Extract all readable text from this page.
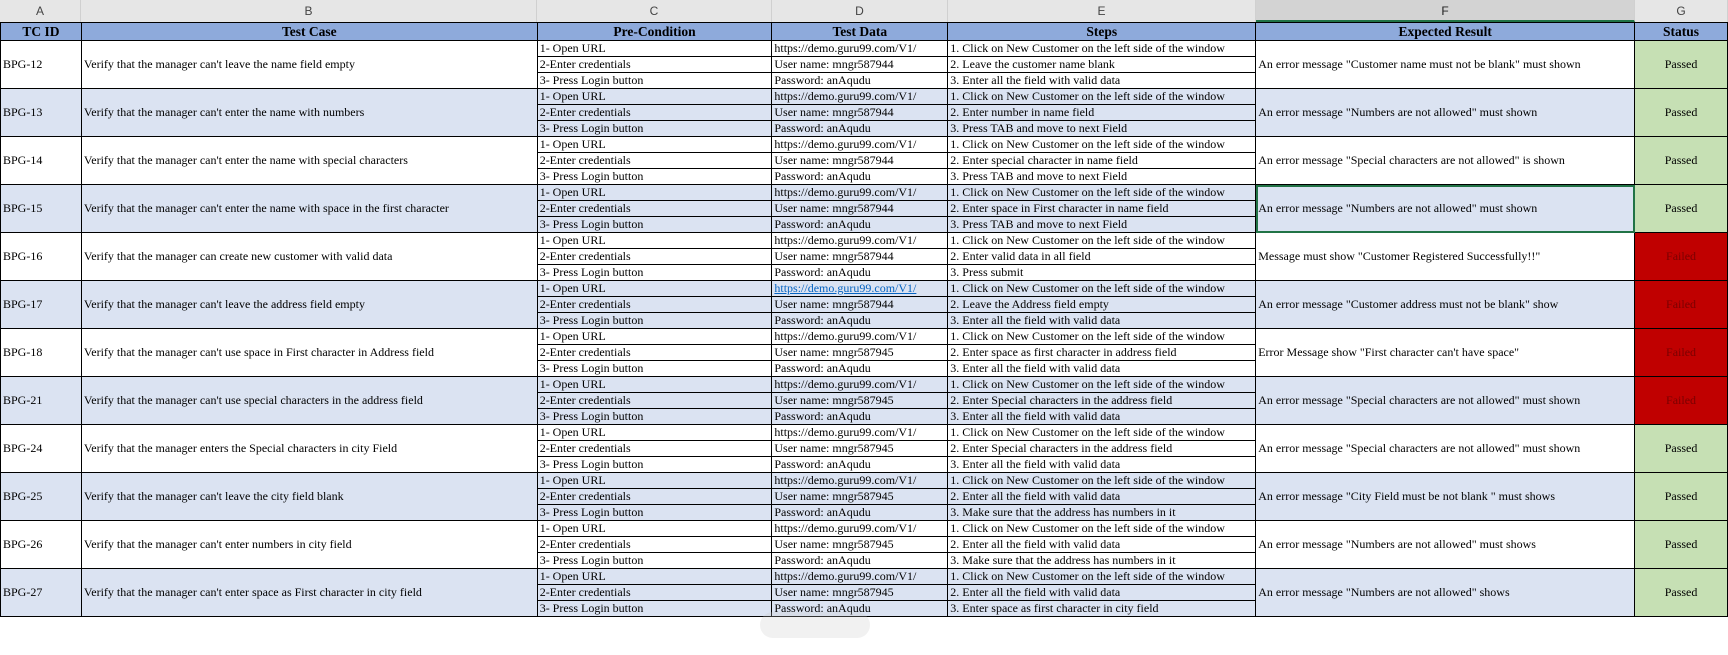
A	B	C	D	E	F	G
TC ID	Test Case	Pre-Condition	Test Data	Steps	Expected Result	Status
BPG-12	Verify that the manager can't leave the name field empty	1- Open URL	https://demo.guru99.com/V1/	1. Click on New Customer on the left side of the window	An error message "Customer name must not be blank" must shown	Passed
		2-Enter credentials	User name: mngr587944	2. Leave the customer name blank		
		3- Press Login button	Password: anAqudu	3. Enter all the field with valid data		
BPG-13	Verify that the manager can't enter the name with numbers	1- Open URL	https://demo.guru99.com/V1/	1. Click on New Customer on the left side of the window	An error message "Numbers are not allowed" must shown	Passed
		2-Enter credentials	User name: mngr587944	2. Enter number in name field		
		3- Press Login button	Password: anAqudu	3. Press TAB and move to next Field		
BPG-14	Verify that the manager can't enter the name with special characters	1- Open URL	https://demo.guru99.com/V1/	1. Click on New Customer on the left side of the window	An error message "Special characters are not allowed" is shown	Passed
		2-Enter credentials	User name: mngr587944	2. Enter special character in name field		
		3- Press Login button	Password: anAqudu	3. Press TAB and move to next Field		
BPG-15	Verify that the manager can't enter the name with space in the first character	1- Open URL	https://demo.guru99.com/V1/	1. Click on New Customer on the left side of the window	An error message "Numbers are not allowed" must shown	Passed
		2-Enter credentials	User name: mngr587944	2. Enter space in First character in name field		
		3- Press Login button	Password: anAqudu	3. Press TAB and move to next Field		
BPG-16	Verify that the manager can create new customer with valid data	1- Open URL	https://demo.guru99.com/V1/	1. Click on New Customer on the left side of the window	Message must show "Customer Registered Successfully!!"	Failed
		2-Enter credentials	User name: mngr587944	2. Enter valid data in all field		
		3- Press Login button	Password: anAqudu	3. Press submit		
BPG-17	Verify that the manager can't leave the address field empty	1- Open URL	https://demo.guru99.com/V1/	1. Click on New Customer on the left side of the window	An error message "Customer address must not be blank" show	Failed
		2-Enter credentials	User name: mngr587944	2. Leave the Address field empty		
		3- Press Login button	Password: anAqudu	3. Enter all the field with valid data		
BPG-18	Verify that the manager can't use space in First character in Address field	1- Open URL	https://demo.guru99.com/V1/	1. Click on New Customer on the left side of the window	Error Message show "First character can't have space"	Failed
		2-Enter credentials	User name: mngr587945	2. Enter space as first character in address field		
		3- Press Login button	Password: anAqudu	3. Enter all the field with valid data		
BPG-21	Verify that the manager can't use special characters in the address field	1- Open URL	https://demo.guru99.com/V1/	1. Click on New Customer on the left side of the window	An error message "Special characters are not allowed" must shown	Failed
		2-Enter credentials	User name: mngr587945	2. Enter Special characters in the address field		
		3- Press Login button	Password: anAqudu	3. Enter all the field with valid data		
BPG-24	Verify that the manager enters the Special characters in city Field	1- Open URL	https://demo.guru99.com/V1/	1. Click on New Customer on the left side of the window	An error message "Special characters are not allowed" must shown	Passed
		2-Enter credentials	User name: mngr587945	2. Enter Special characters in the address field		
		3- Press Login button	Password: anAqudu	3. Enter all the field with valid data		
BPG-25	Verify that the manager can't leave the city field blank	1- Open URL	https://demo.guru99.com/V1/	1. Click on New Customer on the left side of the window	An error message "City Field must be not blank " must shows	Passed
		2-Enter credentials	User name: mngr587945	2. Enter all the field with valid data		
		3- Press Login button	Password: anAqudu	3. Make sure that the address has numbers in it		
BPG-26	Verify that the manager can't enter numbers in city field	1- Open URL	https://demo.guru99.com/V1/	1. Click on New Customer on the left side of the window	An error message "Numbers are not allowed" must shows	Passed
		2-Enter credentials	User name: mngr587945	2. Enter all the field with valid data		
		3- Press Login button	Password: anAqudu	3. Make sure that the address has numbers in it		
BPG-27	Verify that the manager can't enter space as First character in city field	1- Open URL	https://demo.guru99.com/V1/	1. Click on New Customer on the left side of the window	An error message "Numbers are not allowed" shows	Passed
		2-Enter credentials	User name: mngr587945	2. Enter all the field with valid data		
		3- Press Login button	Password: anAqudu	3. Enter space as first character in city field		
